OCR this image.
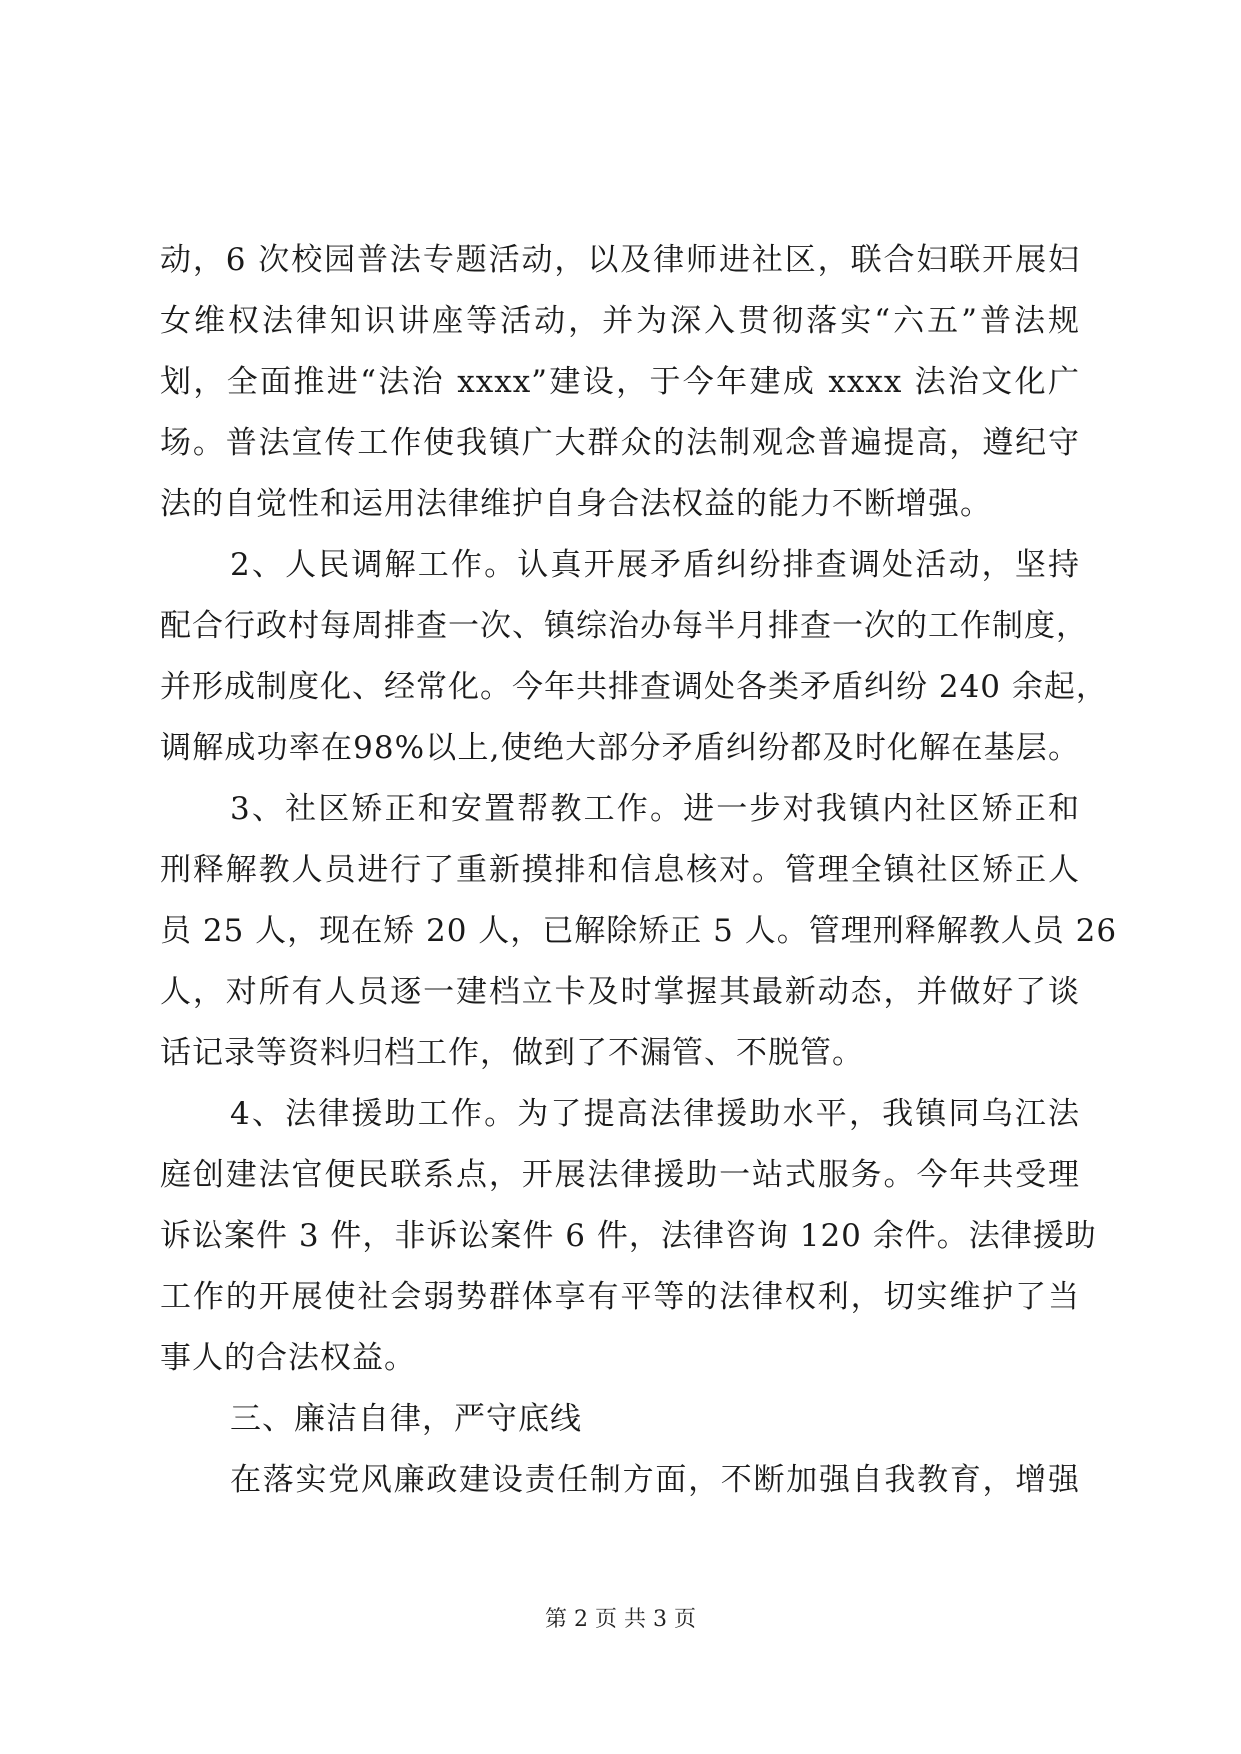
动，6 次校园普法专题活动，以及律师进社区，联合妇联开展妇
女维权法律知识讲座等活动，并为深入贯彻落实“六五”普法规
划，全面推进“法治 xxxx”建设，于今年建成 xxxx 法治文化广
场。普法宣传工作使我镇广大群众的法制观念普遍提高，遵纪守
法的自觉性和运用法律维护自身合法权益的能力不断增强。
2、人民调解工作。认真开展矛盾纠纷排查调处活动，坚持
配合行政村每周排查一次、镇综治办每半月排查一次的工作制度，
并形成制度化、经常化。今年共排查调处各类矛盾纠纷 240 余起，
调解成功率在98%以上,使绝大部分矛盾纠纷都及时化解在基层。
3、社区矫正和安置帮教工作。进一步对我镇内社区矫正和
刑释解教人员进行了重新摸排和信息核对。管理全镇社区矫正人
员 25 人，现在矫 20 人，已解除矫正 5 人。管理刑释解教人员 26
人，对所有人员逐一建档立卡及时掌握其最新动态，并做好了谈
话记录等资料归档工作，做到了不漏管、不脱管。
4、法律援助工作。为了提高法律援助水平，我镇同乌江法
庭创建法官便民联系点，开展法律援助一站式服务。今年共受理
诉讼案件 3 件，非诉讼案件 6 件，法律咨询 120 余件。法律援助
工作的开展使社会弱势群体享有平等的法律权利，切实维护了当
事人的合法权益。
三、廉洁自律，严守底线
在落实党风廉政建设责任制方面，不断加强自我教育，增强
第 2 页 共 3 页
